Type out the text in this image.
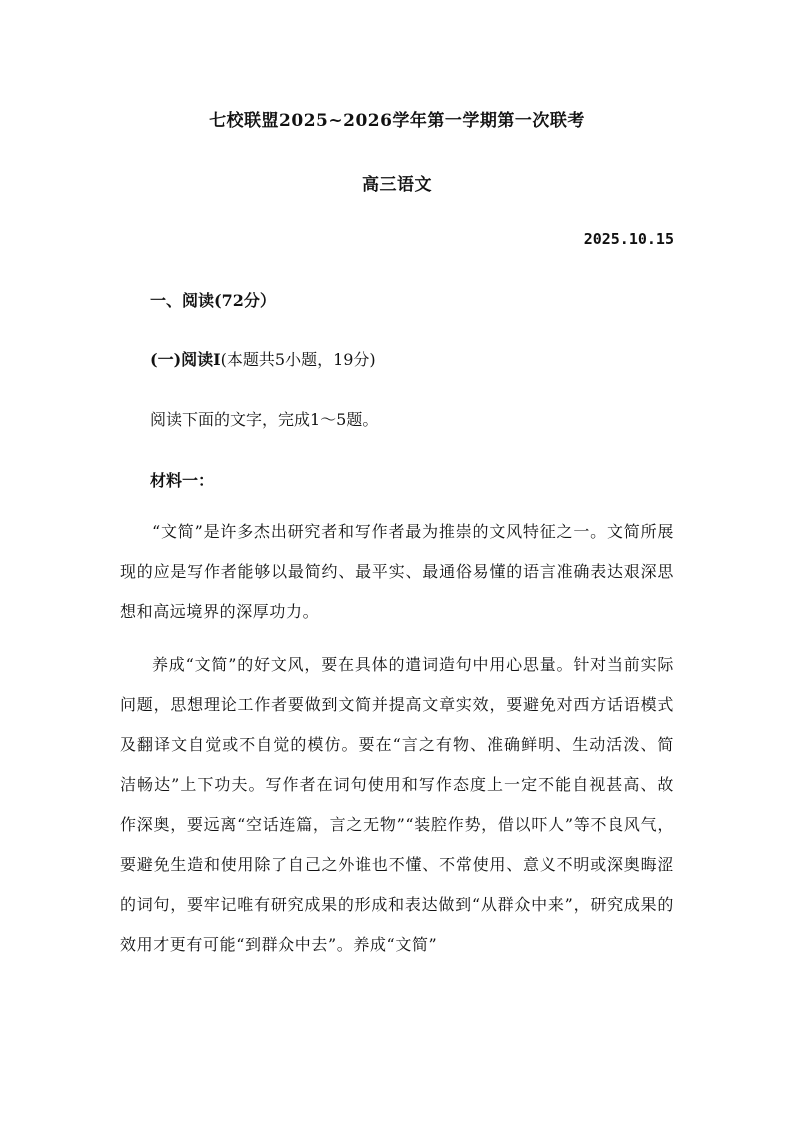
七校联盟2025~2026学年第一学期第一次联考
高三语文
2025.10.15
一、阅读(72分）
(一)阅读Ⅰ(本题共5小题，19分)
阅读下面的文字，完成1～5题。
材料一：
“文简”是许多杰出研究者和写作者最为推崇的文风特征之一。文简所展现的应是写作者能够以最简约、最平实、最通俗易懂的语言准确表达艰深思想和高远境界的深厚功力。
养成“文简”的好文风，要在具体的遣词造句中用心思量。针对当前实际问题，思想理论工作者要做到文简并提高文章实效，要避免对西方话语模式及翻译文自觉或不自觉的模仿。要在“言之有物、准确鲜明、生动活泼、简洁畅达”上下功夫。写作者在词句使用和写作态度上一定不能自视甚高、故作深奥，要远离“空话连篇，言之无物”“装腔作势，借以吓人”等不良风气，要避免生造和使用除了自己之外谁也不懂、不常使用、意义不明或深奥晦涩的词句，要牢记唯有研究成果的形成和表达做到“从群众中来”，研究成果的效用才更有可能“到群众中去”。养成“文简”
